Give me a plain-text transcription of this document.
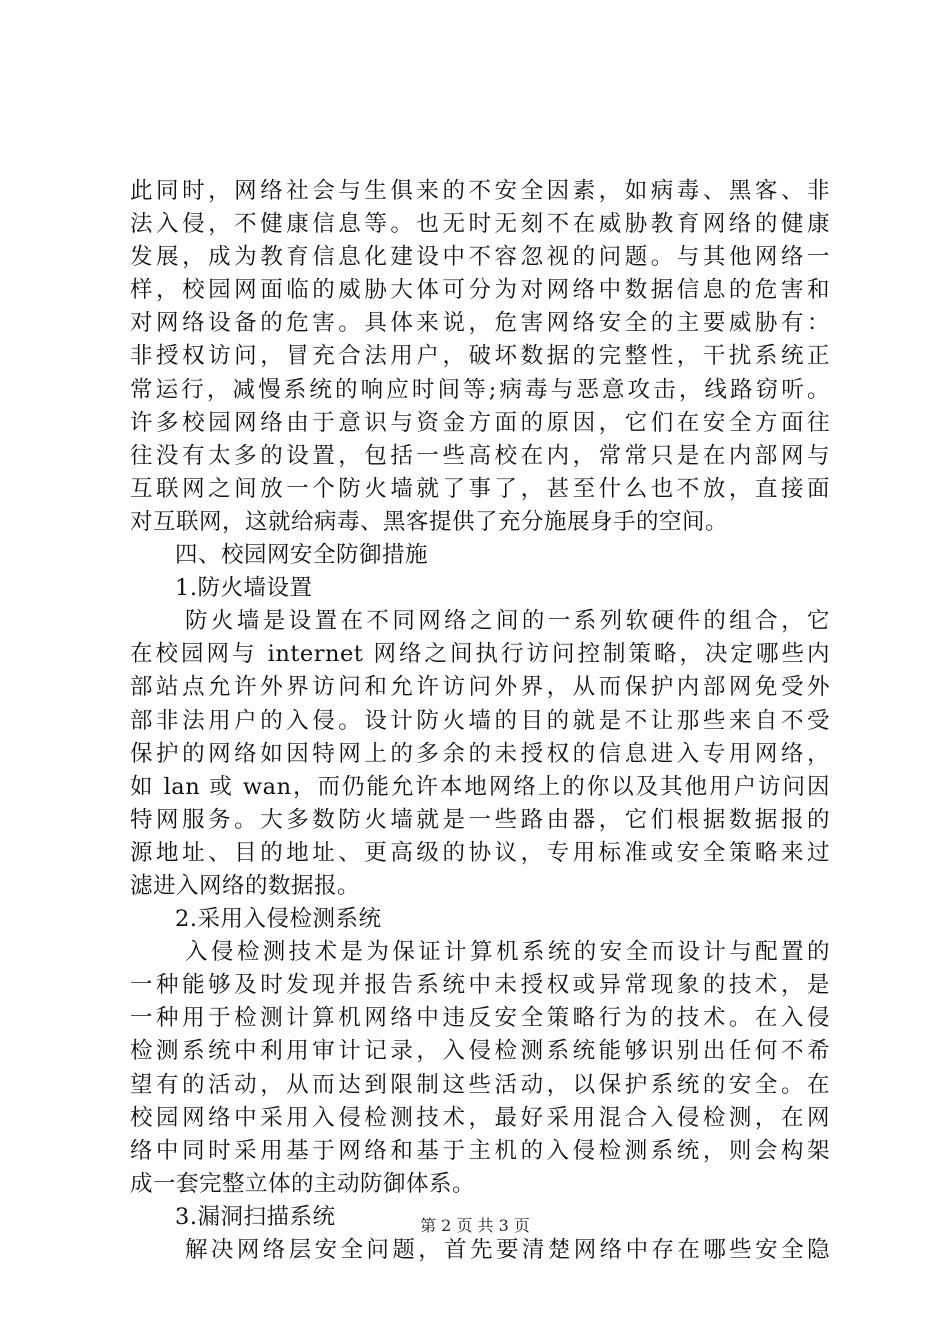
此同时，网络社会与生俱来的不安全因素，如病毒、黑客、非
法入侵，不健康信息等。也无时无刻不在威胁教育网络的健康
发展，成为教育信息化建设中不容忽视的问题。与其他网络一
样，校园网面临的威胁大体可分为对网络中数据信息的危害和
对网络设备的危害。具体来说，危害网络安全的主要威胁有：
非授权访问，冒充合法用户，破坏数据的完整性，干扰系统正
常运行，减慢系统的响应时间等;病毒与恶意攻击，线路窃听。
许多校园网络由于意识与资金方面的原因，它们在安全方面往
往没有太多的设置，包括一些高校在内，常常只是在内部网与
互联网之间放一个防火墙就了事了，甚至什么也不放，直接面
对互联网，这就给病毒、黑客提供了充分施展身手的空间。
四、校园网安全防御措施
1.防火墙设置
防火墙是设置在不同网络之间的一系列软硬件的组合，它
在校园网与 internet 网络之间执行访问控制策略，决定哪些内
部站点允许外界访问和允许访问外界，从而保护内部网免受外
部非法用户的入侵。设计防火墙的目的就是不让那些来自不受
保护的网络如因特网上的多余的未授权的信息进入专用网络，
如 lan 或 wan，而仍能允许本地网络上的你以及其他用户访问因
特网服务。大多数防火墙就是一些路由器，它们根据数据报的
源地址、目的地址、更高级的协议，专用标准或安全策略来过
滤进入网络的数据报。
2.采用入侵检测系统
入侵检测技术是为保证计算机系统的安全而设计与配置的
一种能够及时发现并报告系统中未授权或异常现象的技术，是
一种用于检测计算机网络中违反安全策略行为的技术。在入侵
检测系统中利用审计记录，入侵检测系统能够识别出任何不希
望有的活动，从而达到限制这些活动，以保护系统的安全。在
校园网络中采用入侵检测技术，最好采用混合入侵检测，在网
络中同时采用基于网络和基于主机的入侵检测系统，则会构架
成一套完整立体的主动防御体系。
3.漏洞扫描系统
解决网络层安全问题，首先要清楚网络中存在哪些安全隐
第 2 页 共 3 页
